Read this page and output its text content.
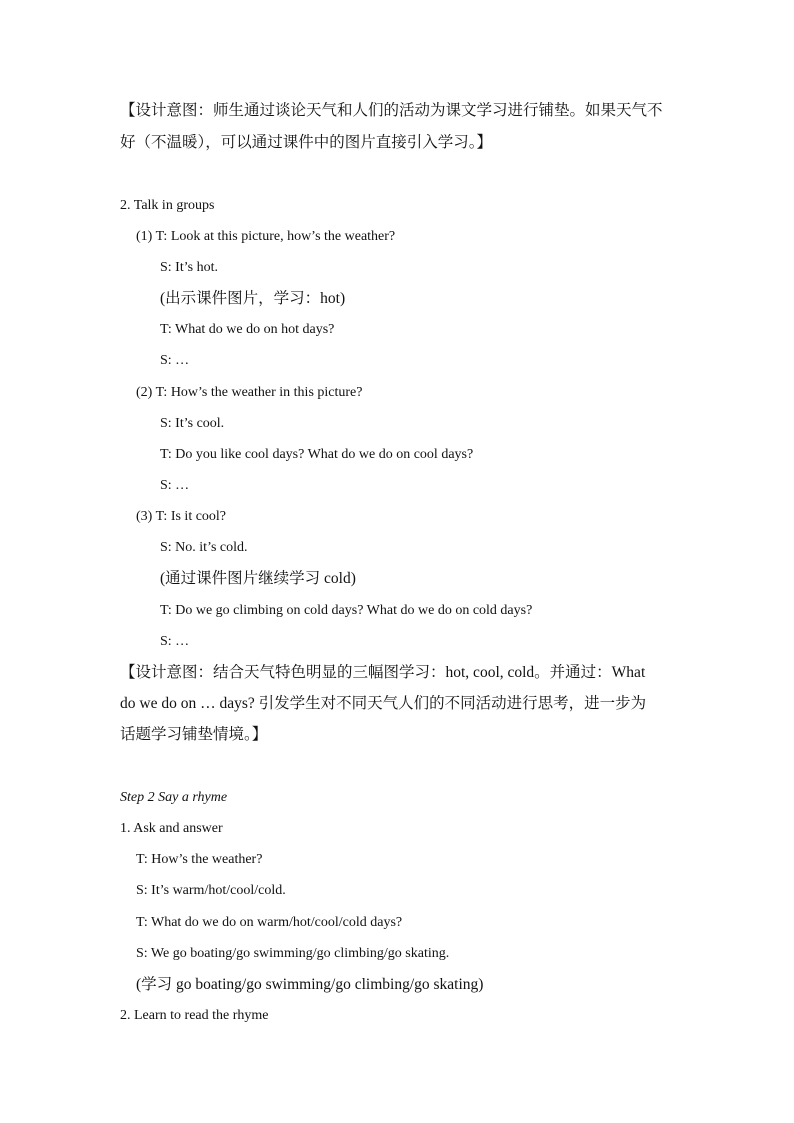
【设计意图：师生通过谈论天气和人们的活动为课文学习进行铺垫。如果天气不
好（不温暖），可以通过课件中的图片直接引入学习。】
2. Talk in groups
(1) T: Look at this picture, how’s the weather?
S: It’s hot.
(出示课件图片，学习：hot)
T: What do we do on hot days?
S: …
(2) T: How’s the weather in this picture?
S: It’s cool.
T: Do you like cool days? What do we do on cool days?
S: …
(3) T: Is it cool?
S: No. it’s cold.
(通过课件图片继续学习 cold)
T: Do we go climbing on cold days? What do we do on cold days?
S: …
【设计意图：结合天气特色明显的三幅图学习：hot, cool, cold。并通过：What
do we do on … days? 引发学生对不同天气人们的不同活动进行思考，进一步为
话题学习铺垫情境。】
Step 2 Say a rhyme
1. Ask and answer
T: How’s the weather?
S: It’s warm/hot/cool/cold.
T: What do we do on warm/hot/cool/cold days?
S: We go boating/go swimming/go climbing/go skating.
(学习 go boating/go swimming/go climbing/go skating)
2. Learn to read the rhyme
